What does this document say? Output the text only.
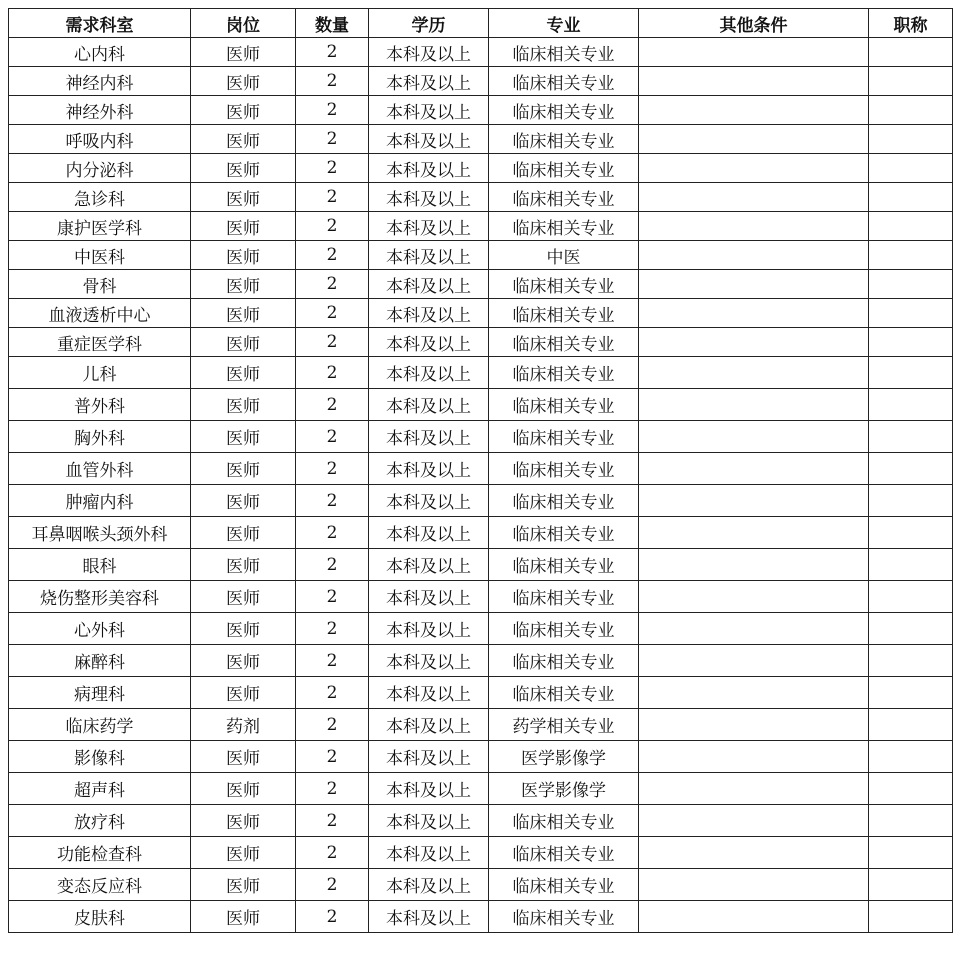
需求科室	岗位	数量	学历	专业	其他条件	职称
心内科	医师	2	本科及以上	临床相关专业		
神经内科	医师	2	本科及以上	临床相关专业		
神经外科	医师	2	本科及以上	临床相关专业		
呼吸内科	医师	2	本科及以上	临床相关专业		
内分泌科	医师	2	本科及以上	临床相关专业		
急诊科	医师	2	本科及以上	临床相关专业		
康护医学科	医师	2	本科及以上	临床相关专业		
中医科	医师	2	本科及以上	中医		
骨科	医师	2	本科及以上	临床相关专业		
血液透析中心	医师	2	本科及以上	临床相关专业		
重症医学科	医师	2	本科及以上	临床相关专业		
儿科	医师	2	本科及以上	临床相关专业		
普外科	医师	2	本科及以上	临床相关专业		
胸外科	医师	2	本科及以上	临床相关专业		
血管外科	医师	2	本科及以上	临床相关专业		
肿瘤内科	医师	2	本科及以上	临床相关专业		
耳鼻咽喉头颈外科	医师	2	本科及以上	临床相关专业		
眼科	医师	2	本科及以上	临床相关专业		
烧伤整形美容科	医师	2	本科及以上	临床相关专业		
心外科	医师	2	本科及以上	临床相关专业		
麻醉科	医师	2	本科及以上	临床相关专业		
病理科	医师	2	本科及以上	临床相关专业		
临床药学	药剂	2	本科及以上	药学相关专业		
影像科	医师	2	本科及以上	医学影像学		
超声科	医师	2	本科及以上	医学影像学		
放疗科	医师	2	本科及以上	临床相关专业		
功能检查科	医师	2	本科及以上	临床相关专业		
变态反应科	医师	2	本科及以上	临床相关专业		
皮肤科	医师	2	本科及以上	临床相关专业		
